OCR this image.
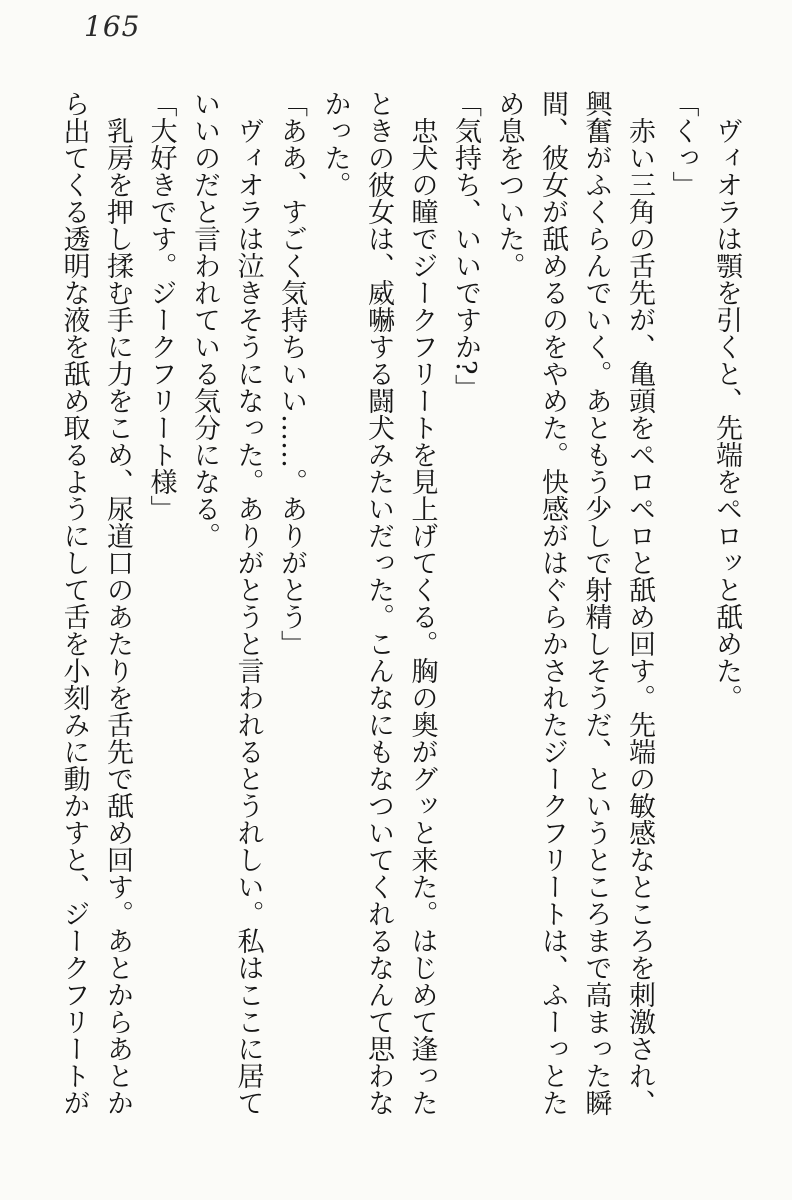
165

ヴィオラは顎を引くと、先端をペロッと舐めた。

「くっ」

赤い三角の舌先が、亀頭をペロペロと舐め回す。先端の敏感なところを刺激され、興奮がふくらんでいく。あともう少しで射精しそうだ、というところまで高まった瞬間、彼女が舐めるのをやめた。快感がはぐらかされたジークフリートは、ふーっとため息をついた。

「気持ち、いいですか?」

忠犬の瞳でジークフリートを見上げてくる。胸の奥がグッと来た。はじめて逢ったときの彼女は、威嚇する闘犬みたいだった。こんなにもなついてくれるなんて思わなかった。

「ああ、すごく気持ちいい……。ありがとう」

ヴィオラは泣きそうになった。ありがとうと言われるとうれしい。私はここに居ていいのだと言われている気分になる。

「大好きです。ジークフリート様」

乳房を押し揉む手に力をこめ、尿道口のあたりを舌先で舐め回す。あとからあとから出てくる透明な液を舐め取るようにして舌を小刻みに動かすと、ジークフリートが
